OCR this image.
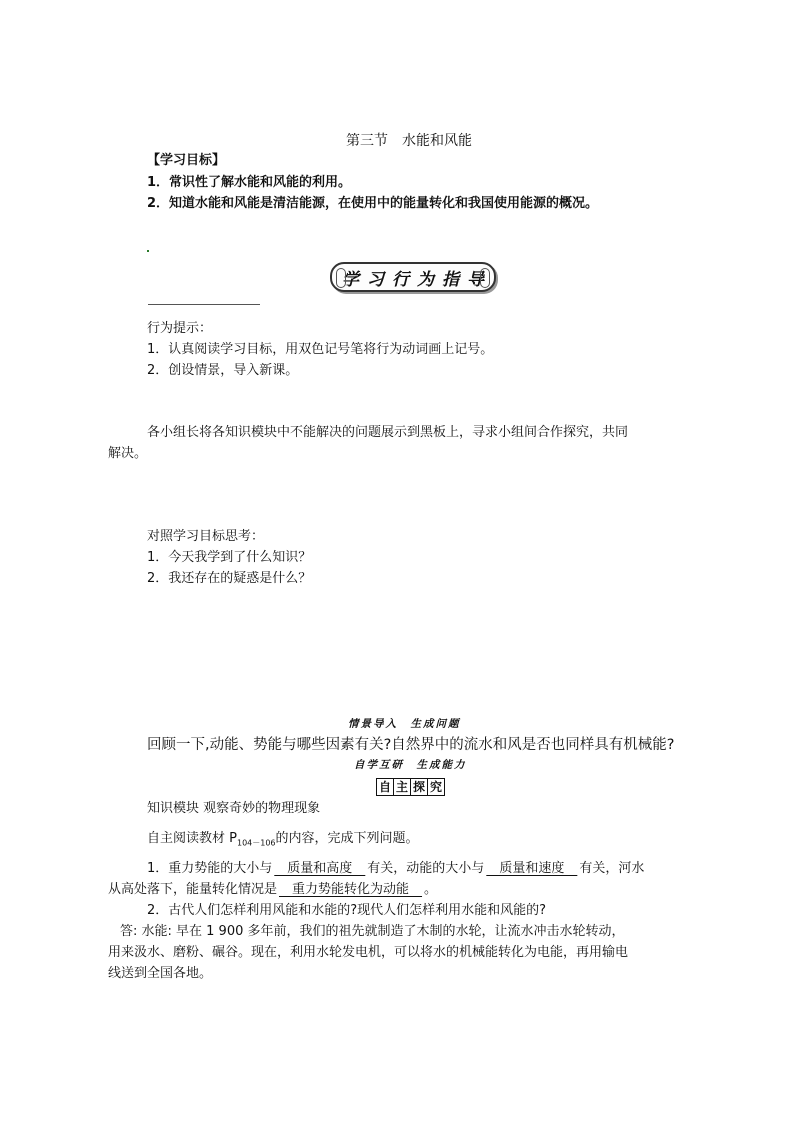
第三节　水能和风能
【学习目标】
1．常识性了解水能和风能的利用。
2．知道水能和风能是清洁能源，在使用中的能量转化和我国使用能源的概况。
学习行为指导
行为提示：
1．认真阅读学习目标，用双色记号笔将行为动词画上记号。
2．创设情景，导入新课。
各小组长将各知识模块中不能解决的问题展示到黑板上，寻求小组间合作探究，共同
解决。
对照学习目标思考：
1．今天我学到了什么知识？
2．我还存在的疑惑是什么？
情景导入　生成问题
回顾一下,动能、势能与哪些因素有关?自然界中的流水和风是否也同样具有机械能?
自学互研　生成能力
自 主 探 究
知识模块 观察奇妙的物理现象
自主阅读教材 $P_{104-106}$的内容，完成下列问题。
1．重力势能的大小与　质量和高度　有关，动能的大小与　质量和速度　有关，河水
从高处落下，能量转化情况是　重力势能转化为动能　。
2．古代人们怎样利用风能和水能的?现代人们怎样利用水能和风能的?
答: 水能: 早在 1 900 多年前，我们的祖先就制造了木制的水轮，让流水冲击水轮转动，
用来汲水、磨粉、碾谷。现在，利用水轮发电机，可以将水的机械能转化为电能，再用输电
线送到全国各地。
